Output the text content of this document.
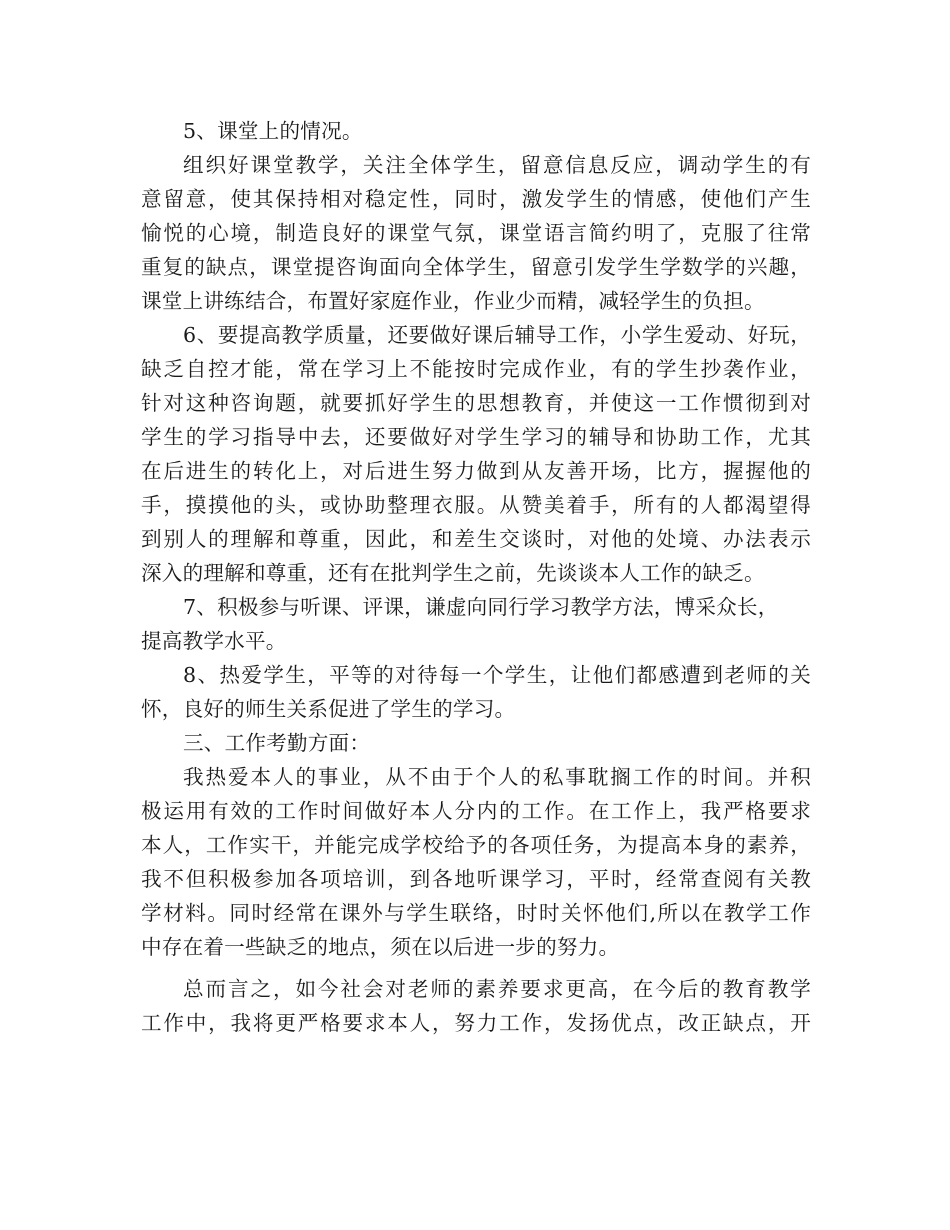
5、课堂上的情况。
组织好课堂教学，关注全体学生，留意信息反应，调动学生的有
意留意，使其保持相对稳定性，同时，激发学生的情感，使他们产生
愉悦的心境，制造良好的课堂气氛，课堂语言简约明了，克服了往常
重复的缺点，课堂提咨询面向全体学生，留意引发学生学数学的兴趣，
课堂上讲练结合，布置好家庭作业，作业少而精，减轻学生的负担。
6、要提高教学质量，还要做好课后辅导工作，小学生爱动、好玩，
缺乏自控才能，常在学习上不能按时完成作业，有的学生抄袭作业，
针对这种咨询题，就要抓好学生的思想教育，并使这一工作惯彻到对
学生的学习指导中去，还要做好对学生学习的辅导和协助工作，尤其
在后进生的转化上，对后进生努力做到从友善开场，比方，握握他的
手，摸摸他的头，或协助整理衣服。从赞美着手，所有的人都渴望得
到别人的理解和尊重，因此，和差生交谈时，对他的处境、办法表示
深入的理解和尊重，还有在批判学生之前，先谈谈本人工作的缺乏。
7、积极参与听课、评课，谦虚向同行学习教学方法，博采众长，
提高教学水平。
8、热爱学生，平等的对待每一个学生，让他们都感遭到老师的关
怀，良好的师生关系促进了学生的学习。
三、工作考勤方面：
我热爱本人的事业，从不由于个人的私事耽搁工作的时间。并积
极运用有效的工作时间做好本人分内的工作。在工作上，我严格要求
本人，工作实干，并能完成学校给予的各项任务，为提高本身的素养，
我不但积极参加各项培训，到各地听课学习，平时，经常查阅有关教
学材料。同时经常在课外与学生联络，时时关怀他们,所以在教学工作
中存在着一些缺乏的地点，须在以后进一步的努力。
总而言之，如今社会对老师的素养要求更高，在今后的教育教学
工作中，我将更严格要求本人，努力工作，发扬优点，改正缺点，开
